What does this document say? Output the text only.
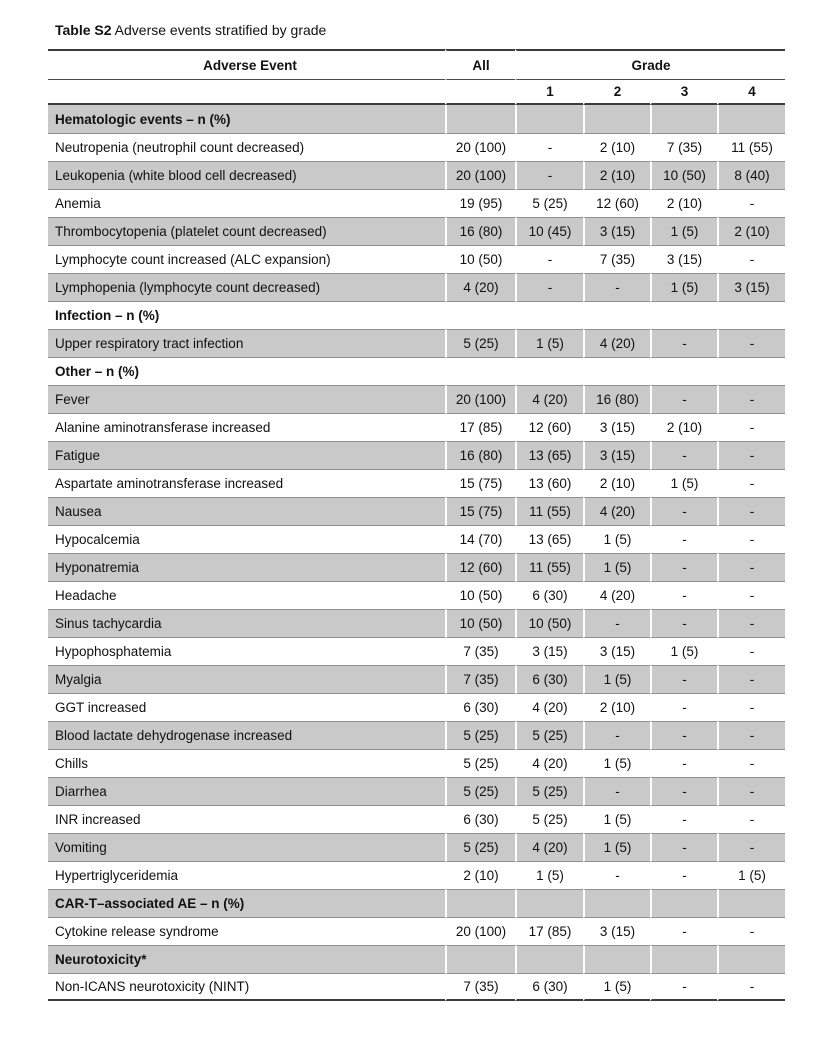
Table S2 Adverse events stratified by grade
Adverse Event	All	Grade			
		1	2	3	4
Hematologic events – n (%)					
Neutropenia (neutrophil count decreased)	20 (100)	-	2 (10)	7 (35)	11 (55)
Leukopenia (white blood cell decreased)	20 (100)	-	2 (10)	10 (50)	8 (40)
Anemia	19 (95)	5 (25)	12 (60)	2 (10)	-
Thrombocytopenia (platelet count decreased)	16 (80)	10 (45)	3 (15)	1 (5)	2 (10)
Lymphocyte count increased (ALC expansion)	10 (50)	-	7 (35)	3 (15)	-
Lymphopenia (lymphocyte count decreased)	4 (20)	-	-	1 (5)	3 (15)
Infection – n (%)					
Upper respiratory tract infection	5 (25)	1 (5)	4 (20)	-	-
Other – n (%)					
Fever	20 (100)	4 (20)	16 (80)	-	-
Alanine aminotransferase increased	17 (85)	12 (60)	3 (15)	2 (10)	-
Fatigue	16 (80)	13 (65)	3 (15)	-	-
Aspartate aminotransferase increased	15 (75)	13 (60)	2 (10)	1 (5)	-
Nausea	15 (75)	11 (55)	4 (20)	-	-
Hypocalcemia	14 (70)	13 (65)	1 (5)	-	-
Hyponatremia	12 (60)	11 (55)	1 (5)	-	-
Headache	10 (50)	6 (30)	4 (20)	-	-
Sinus tachycardia	10 (50)	10 (50)	-	-	-
Hypophosphatemia	7 (35)	3 (15)	3 (15)	1 (5)	-
Myalgia	7 (35)	6 (30)	1 (5)	-	-
GGT increased	6 (30)	4 (20)	2 (10)	-	-
Blood lactate dehydrogenase increased	5 (25)	5 (25)	-	-	-
Chills	5 (25)	4 (20)	1 (5)	-	-
Diarrhea	5 (25)	5 (25)	-	-	-
INR increased	6 (30)	5 (25)	1 (5)	-	-
Vomiting	5 (25)	4 (20)	1 (5)	-	-
Hypertriglyceridemia	2 (10)	1 (5)	-	-	1 (5)
CAR-T–associated AE – n (%)					
Cytokine release syndrome	20 (100)	17 (85)	3 (15)	-	-
Neurotoxicity*					
Non-ICANS neurotoxicity (NINT)	7 (35)	6 (30)	1 (5)	-	-
